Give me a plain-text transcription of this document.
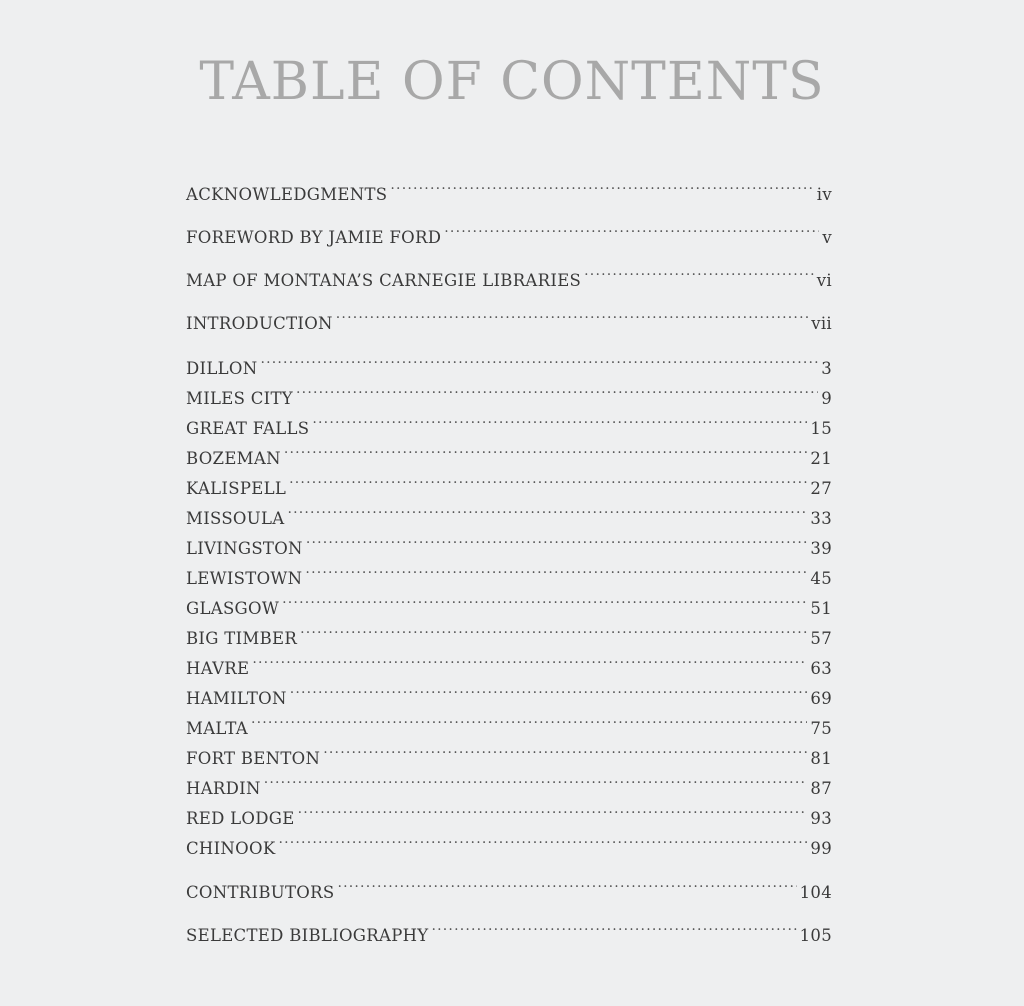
TABLE OF CONTENTS
ACKNOWLEDGMENTS .....	iv
FOREWORD BY JAMIE FORD .....	v
MAP OF MONTANA’S CARNEGIE LIBRARIES .....	vi
INTRODUCTION .....	vii
DILLON .....	3
MILES CITY .....	9
GREAT FALLS .....	15
BOZEMAN .....	21
KALISPELL .....	27
MISSOULA .....	33
LIVINGSTON .....	39
LEWISTOWN .....	45
GLASGOW .....	51
BIG TIMBER .....	57
HAVRE .....	63
HAMILTON .....	69
MALTA .....	75
FORT BENTON .....	81
HARDIN .....	87
RED LODGE .....	93
CHINOOK .....	99
CONTRIBUTORS .....	104
SELECTED BIBLIOGRAPHY .....	105
